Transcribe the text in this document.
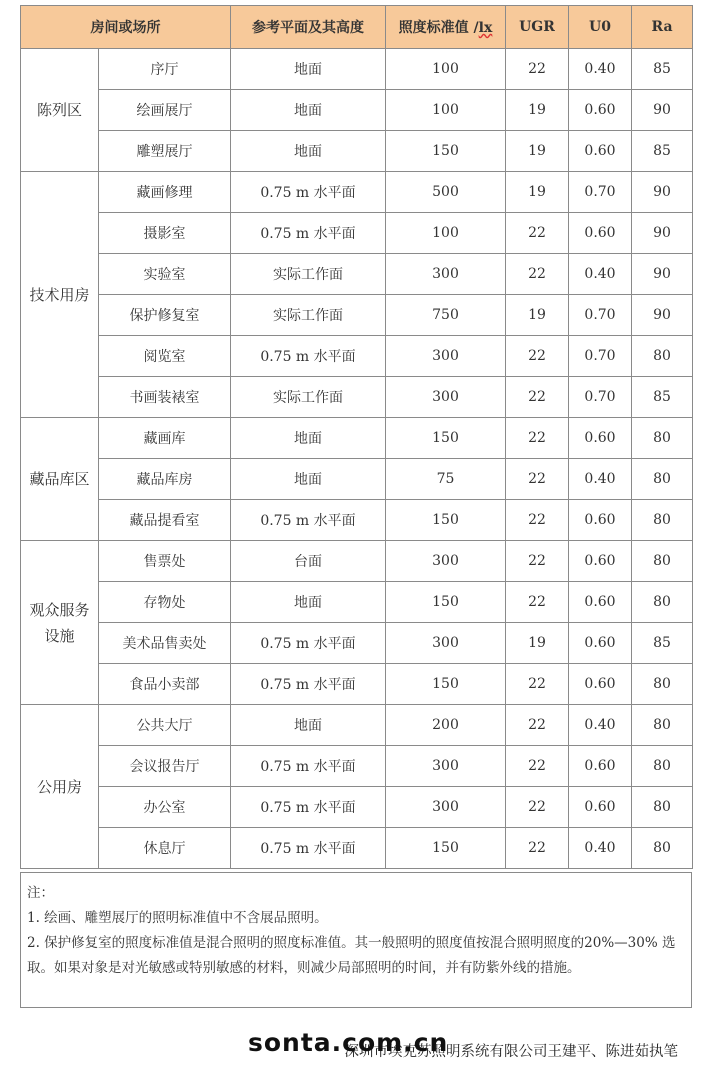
房间或场所		参考平面及其高度	照度标准值 /lx	UGR	U0	Ra
陈列区	序厅	地面	100	22	0.40	85
	绘画展厅	地面	100	19	0.60	90
	雕塑展厅	地面	150	19	0.60	85
技术用房	藏画修理	0.75 m 水平面	500	19	0.70	90
	摄影室	0.75 m 水平面	100	22	0.60	90
	实验室	实际工作面	300	22	0.40	90
	保护修复室	实际工作面	750	19	0.70	90
	阅览室	0.75 m 水平面	300	22	0.70	80
	书画装裱室	实际工作面	300	22	0.70	85
藏品库区	藏画库	地面	150	22	0.60	80
	藏品库房	地面	75	22	0.40	80
	藏品提看室	0.75 m 水平面	150	22	0.60	80
观众服务设施	售票处	台面	300	22	0.60	80
	存物处	地面	150	22	0.60	80
	美术品售卖处	0.75 m 水平面	300	19	0.60	85
	食品小卖部	0.75 m 水平面	150	22	0.60	80
公用房	公共大厅	地面	200	22	0.40	80
	会议报告厅	0.75 m 水平面	300	22	0.60	80
	办公室	0.75 m 水平面	300	22	0.60	80
	休息厅	0.75 m 水平面	150	22	0.40	80

注：

1. 绘画、雕塑展厅的照明标准值中不含展品照明。

2. 保护修复室的照度标准值是混合照明的照度标准值。其一般照明的照度值按混合照明照度的20%—30% 选取。如果对象是对光敏感或特别敏感的材料，则减少局部照明的时间，并有防紫外线的措施。

深圳市埃克苏照明系统有限公司王建平、陈进茹执笔
sonta.com.cn
